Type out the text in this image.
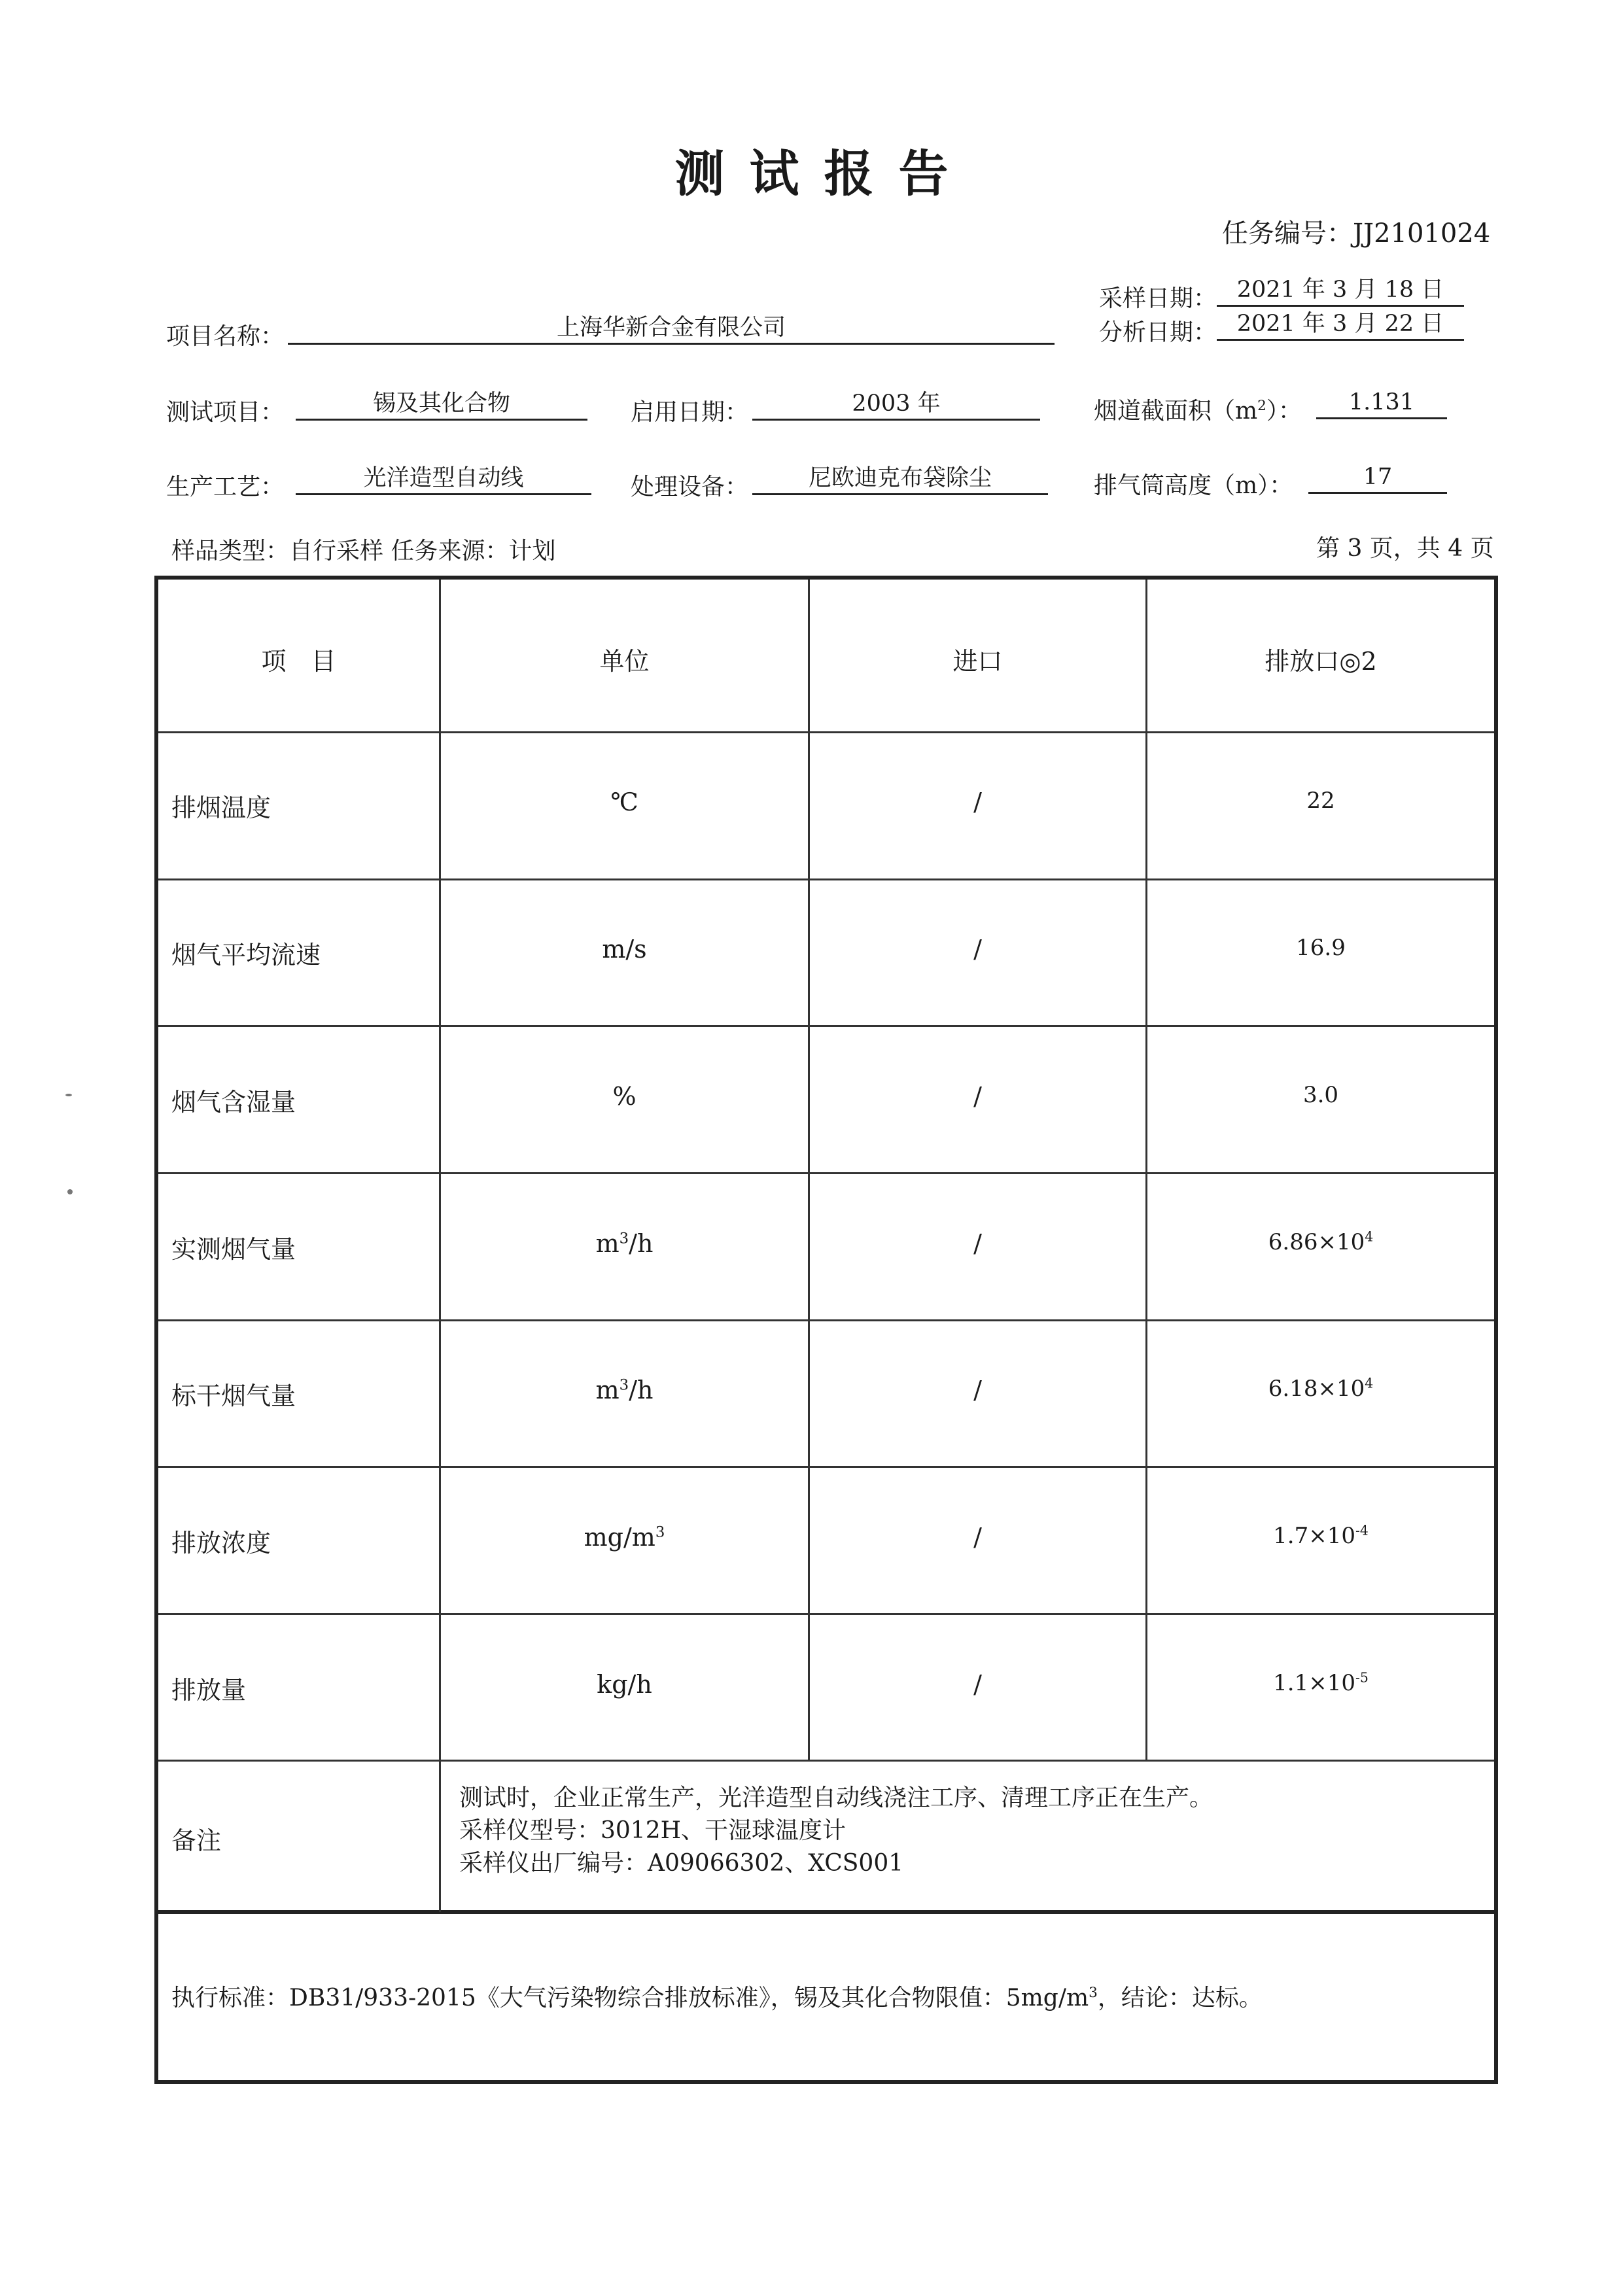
测试报告
任务编号：JJ2101024
采样日期： 2021 年 3 月 18 日
分析日期： 2021 年 3 月 22 日
项目名称：	上海华新合金有限公司
测试项目：	锡及其化合物	启用日期：	2003 年	烟道截面积$(m^2)$：	1.131
生产工艺：	光洋造型自动线	处理设备：	尼欧迪克布袋除尘	排气筒高度（m）：	17
样品类型：自行采样 任务来源：计划	第 3 页，共 4 页
项　目	单位	进口	排放口◎2
排烟温度	℃	/	22
烟气平均流速	m/s	/	16.9
烟气含湿量	%	/	3.0
实测烟气量	$m^3/h$	/	$6.86\times 10^4$
标干烟气量	$m^3/h$	/	$6.18\times 10^4$
排放浓度	$mg/m^3$	/	$1.7\times 10^{-4}$
排放量	kg/h	/	$1.1\times 10^{-5}$
备注
测试时，企业正常生产，光洋造型自动线浇注工序、清理工序正在生产。
采样仪型号：3012H、干湿球温度计
采样仪出厂编号：A09066302、XCS001
执行标准：DB31/933-2015《大气污染物综合排放标准》，锡及其化合物限值：$5mg/m^3$，结论：达标。
